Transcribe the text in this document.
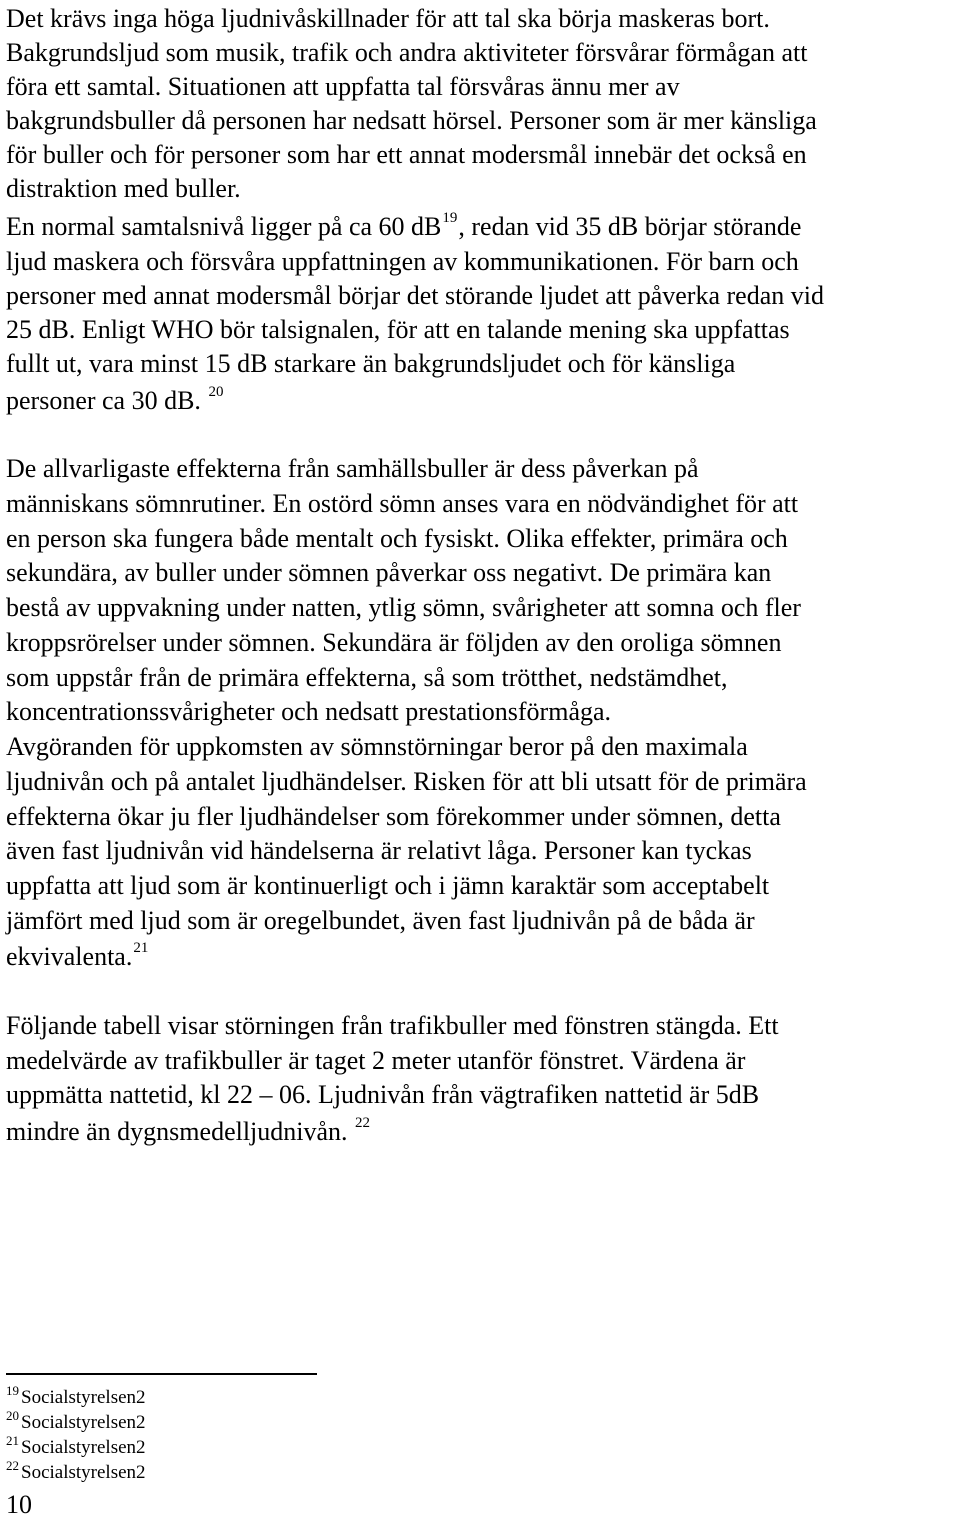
Det krävs inga höga ljudnivåskillnader för att tal ska börja maskeras bort.
Bakgrundsljud som musik, trafik och andra aktiviteter försvårar förmågan att
föra ett samtal. Situationen att uppfatta tal försvåras ännu mer av
bakgrundsbuller då personen har nedsatt hörsel. Personer som är mer känsliga
för buller och för personer som har ett annat modersmål innebär det också en
distraktion med buller.
En normal samtalsnivå ligger på ca 60 $dB^{19}$, redan vid 35 dB börjar störande
ljud maskera och försvåra uppfattningen av kommunikationen. För barn och
personer med annat modersmål börjar det störande ljudet att påverka redan vid
25 dB. Enligt WHO bör talsignalen, för att en talande mening ska uppfattas
fullt ut, vara minst 15 dB starkare än bakgrundsljudet och för känsliga
personer ca 30 dB. $^{20}$
De allvarligaste effekterna från samhällsbuller är dess påverkan på
människans sömnrutiner. En ostörd sömn anses vara en nödvändighet för att
en person ska fungera både mentalt och fysiskt. Olika effekter, primära och
sekundära, av buller under sömnen påverkar oss negativt. De primära kan
bestå av uppvakning under natten, ytlig sömn, svårigheter att somna och fler
kroppsrörelser under sömnen. Sekundära är följden av den oroliga sömnen
som uppstår från de primära effekterna, så som trötthet, nedstämdhet,
koncentrationssvårigheter och nedsatt prestationsförmåga.
Avgöranden för uppkomsten av sömnstörningar beror på den maximala
ljudnivån och på antalet ljudhändelser. Risken för att bli utsatt för de primära
effekterna ökar ju fler ljudhändelser som förekommer under sömnen, detta
även fast ljudnivån vid händelserna är relativt låga. Personer kan tyckas
uppfatta att ljud som är kontinuerligt och i jämn karaktär som acceptabelt
jämfört med ljud som är oregelbundet, även fast ljudnivån på de båda är
ekvivalenta.$^{21}$
Följande tabell visar störningen från trafikbuller med fönstren stängda. Ett
medelvärde av trafikbuller är taget 2 meter utanför fönstret. Värdena är
uppmätta nattetid, kl 22 – 06. Ljudnivån från vägtrafiken nattetid är 5dB
mindre än dygnsmedelljudnivån. $^{22}$
$^{19}$ Socialstyrelsen2
$^{20}$ Socialstyrelsen2
$^{21}$ Socialstyrelsen2
$^{22}$ Socialstyrelsen2
10
